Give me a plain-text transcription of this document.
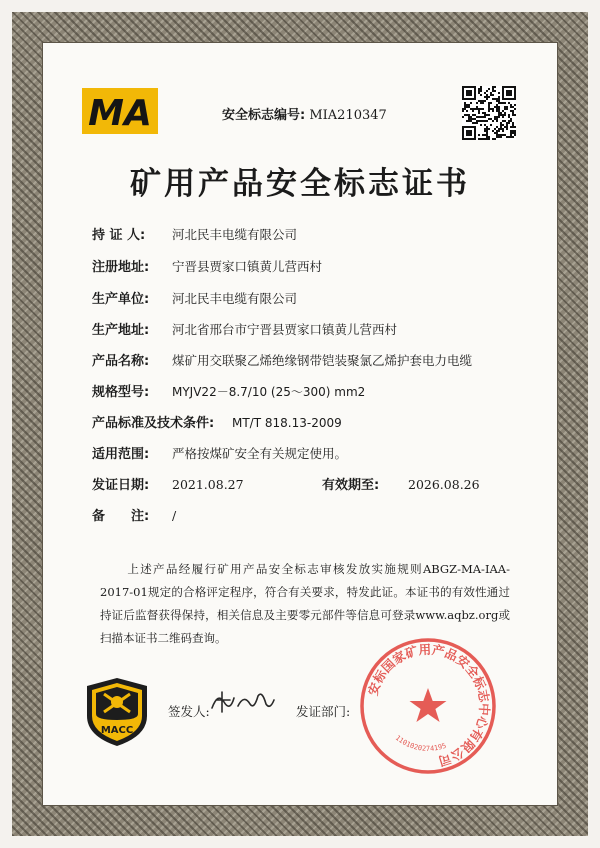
MA	安全标志编号: MIA210347
矿用产品安全标志证书
持 证 人: 河北民丰电缆有限公司
注册地址: 宁晋县贾家口镇黄儿营西村
生产单位: 河北民丰电缆有限公司
生产地址: 河北省邢台市宁晋县贾家口镇黄儿营西村
产品名称: 煤矿用交联聚乙烯绝缘钢带铠装聚氯乙烯护套电力电缆
规格型号: MYJV22－8.7/10 (25～300) mm2
产品标准及技术条件: MT/T 818.13-2009
适用范围: 严格按煤矿安全有关规定使用。
发证日期: 2021.08.27	有效期至: 2026.08.26
备　　注: /
上述产品经履行矿用产品安全标志审核发放实施规则ABGZ-MA-IAA-2017-01规定的合格评定程序，符合有关要求，特发此证。本证书的有效性通过持证后监督获得保持，相关信息及主要零元部件等信息可登录www.aqbz.org或扫描本证书二维码查询。
MACC
签发人:	发证部门:
安标国家矿用产品安全标志中心有限公司
1101020274195
